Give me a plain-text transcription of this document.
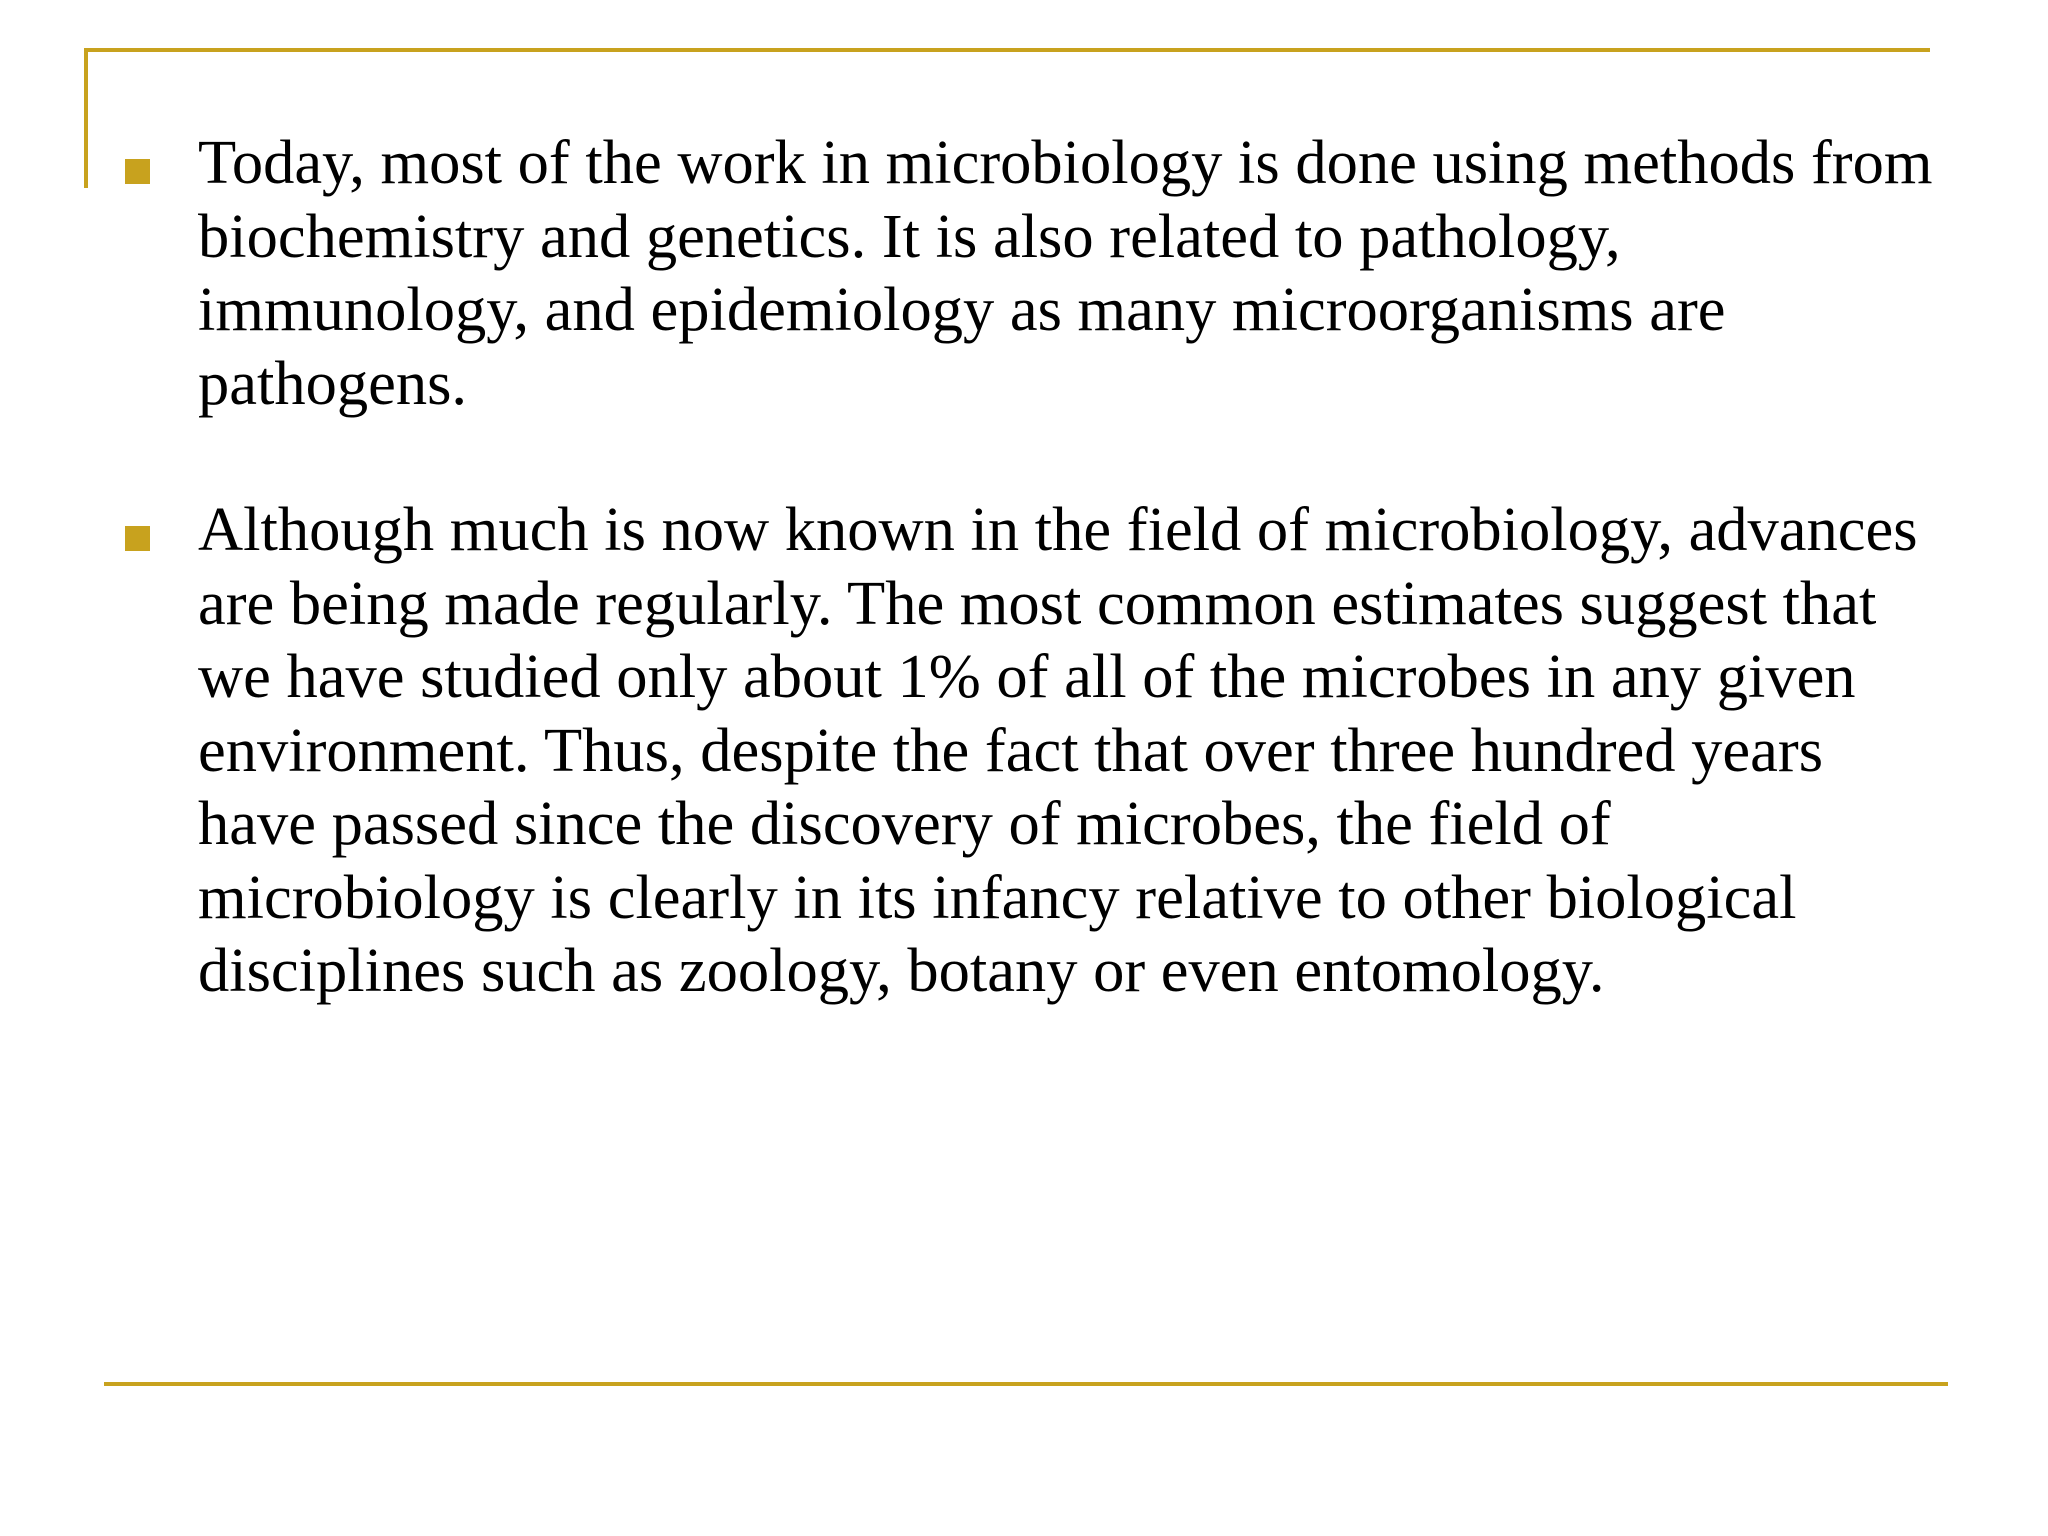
Today, most of the work in microbiology is done using methods from biochemistry and genetics. It is also related to pathology, immunology, and epidemiology as many microorganisms are pathogens.
Although much is now known in the field of microbiology, advances are being made regularly. The most common estimates suggest that we have studied only about 1% of all of the microbes in any given environment. Thus, despite the fact that over three hundred years have passed since the discovery of microbes, the field of microbiology is clearly in its infancy relative to other biological disciplines such as zoology, botany or even entomology.
